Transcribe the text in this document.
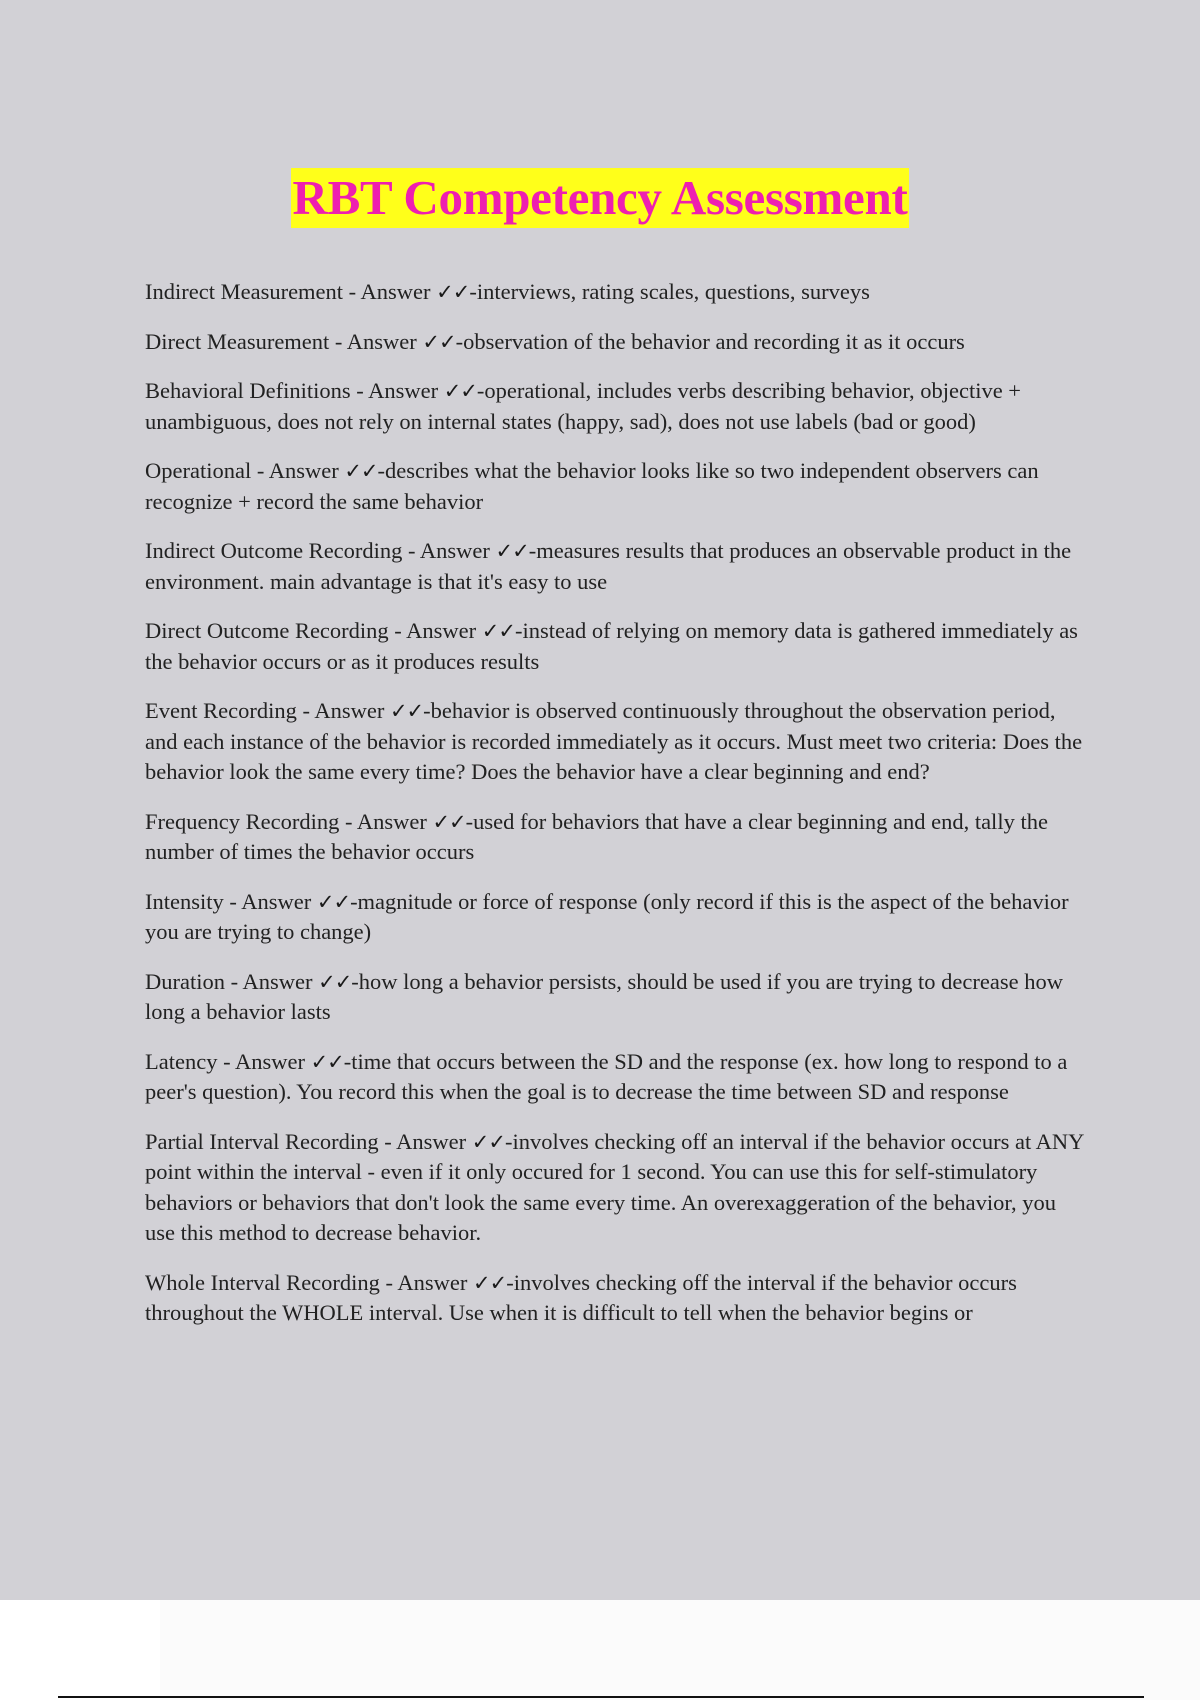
RBT Competency Assessment

Indirect Measurement - Answer ✓✓-interviews, rating scales, questions, surveys

Direct Measurement - Answer ✓✓-observation of the behavior and recording it as it occurs

Behavioral Definitions - Answer ✓✓-operational, includes verbs describing behavior, objective + unambiguous, does not rely on internal states (happy, sad), does not use labels (bad or good)

Operational - Answer ✓✓-describes what the behavior looks like so two independent observers can recognize + record the same behavior

Indirect Outcome Recording - Answer ✓✓-measures results that produces an observable product in the environment. main advantage is that it's easy to use

Direct Outcome Recording - Answer ✓✓-instead of relying on memory data is gathered immediately as the behavior occurs or as it produces results

Event Recording - Answer ✓✓-behavior is observed continuously throughout the observation period, and each instance of the behavior is recorded immediately as it occurs. Must meet two criteria: Does the behavior look the same every time? Does the behavior have a clear beginning and end?

Frequency Recording - Answer ✓✓-used for behaviors that have a clear beginning and end, tally the number of times the behavior occurs

Intensity - Answer ✓✓-magnitude or force of response (only record if this is the aspect of the behavior you are trying to change)

Duration - Answer ✓✓-how long a behavior persists, should be used if you are trying to decrease how long a behavior lasts

Latency - Answer ✓✓-time that occurs between the SD and the response (ex. how long to respond to a peer's question). You record this when the goal is to decrease the time between SD and response

Partial Interval Recording - Answer ✓✓-involves checking off an interval if the behavior occurs at ANY point within the interval - even if it only occured for 1 second. You can use this for self-stimulatory behaviors or behaviors that don't look the same every time. An overexaggeration of the behavior, you use this method to decrease behavior.

Whole Interval Recording - Answer ✓✓-involves checking off the interval if the behavior occurs throughout the WHOLE interval. Use when it is difficult to tell when the behavior begins or
